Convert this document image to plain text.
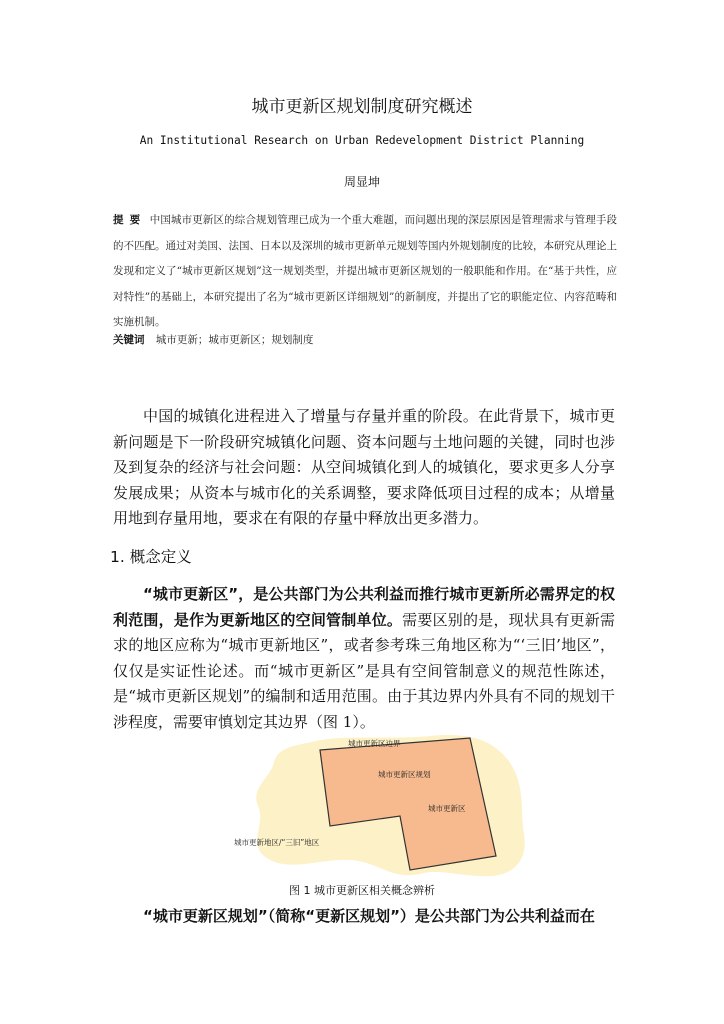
城市更新区规划制度研究概述
An Institutional Research on Urban Redevelopment District Planning
周显坤
提要 中国城市更新区的综合规划管理已成为一个重大难题，而问题出现的深层原因是管理需求与管理手段的不匹配。通过对美国、法国、日本以及深圳的城市更新单元规划等国内外规划制度的比较，本研究从理论上发现和定义了“城市更新区规划”这一规划类型，并提出城市更新区规划的一般职能和作用。在“基于共性，应对特性”的基础上，本研究提出了名为“城市更新区详细规划”的新制度，并提出了它的职能定位、内容范畴和实施机制。
关键词 城市更新；城市更新区；规划制度
中国的城镇化进程进入了增量与存量并重的阶段。在此背景下，城市更新问题是下一阶段研究城镇化问题、资本问题与土地问题的关键，同时也涉及到复杂的经济与社会问题：从空间城镇化到人的城镇化，要求更多人分享发展成果；从资本与城市化的关系调整，要求降低项目过程的成本；从增量用地到存量用地，要求在有限的存量中释放出更多潜力。
1. 概念定义
“城市更新区”，是公共部门为公共利益而推行城市更新所必需界定的权利范围，是作为更新地区的空间管制单位。需要区别的是，现状具有更新需求的地区应称为“城市更新地区”，或者参考珠三角地区称为“‘三旧’地区”，仅仅是实证性论述。而“城市更新区”是具有空间管制意义的规范性陈述，是“城市更新区规划”的编制和适用范围。由于其边界内外具有不同的规划干涉程度，需要审慎划定其边界（图 1）。
城市更新区边界
城市更新区规划
城市更新区
城市更新地区/“三旧”地区
图 1 城市更新区相关概念辨析
“城市更新区规划”（简称“更新区规划”）是公共部门为公共利益而在
